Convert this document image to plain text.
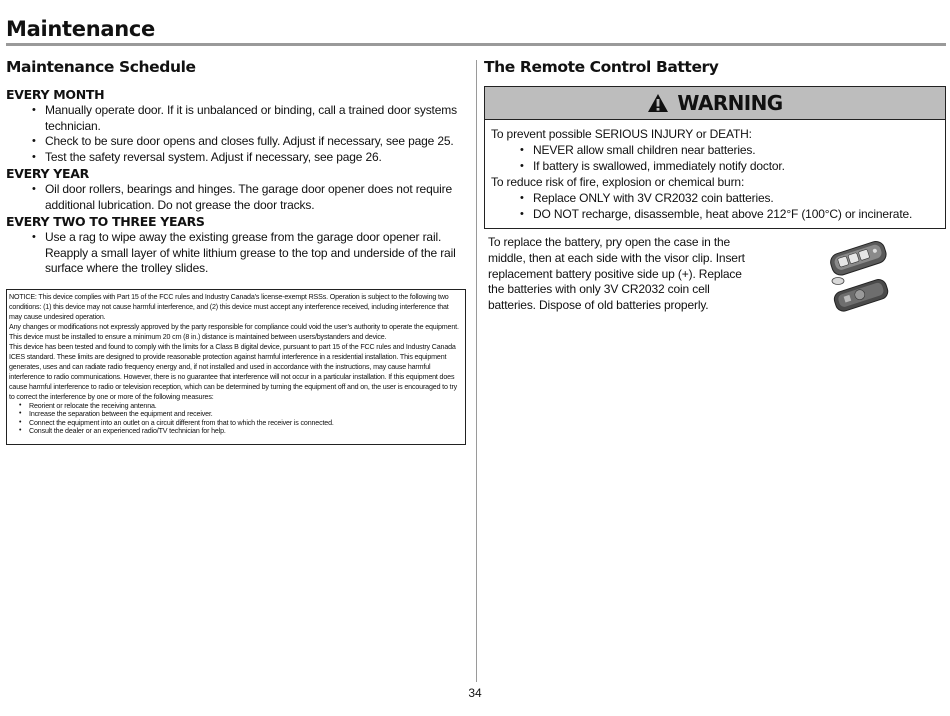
Maintenance
Maintenance Schedule
EVERY MONTH
• Manually operate door. If it is unbalanced or binding, call a trained door systems technician.
• Check to be sure door opens and closes fully. Adjust if necessary, see page 25.
• Test the safety reversal system. Adjust if necessary, see page 26.
EVERY YEAR
• Oil door rollers, bearings and hinges. The garage door opener does not require additional lubrication. Do not grease the door tracks.
EVERY TWO TO THREE YEARS
• Use a rag to wipe away the existing grease from the garage door opener rail. Reapply a small layer of white lithium grease to the top and underside of the rail surface where the trolley slides.

NOTICE: This device complies with Part 15 of the FCC rules and Industry Canada’s license-exempt RSSs. Operation is subject to the following two conditions: (1) this device may not cause harmful interference, and (2) this device must accept any interference received, including interference that may cause undesired operation.

Any changes or modifications not expressly approved by the party responsible for compliance could void the user’s authority to operate the equipment.

This device must be installed to ensure a minimum 20 cm (8 in.) distance is maintained between users/bystanders and device.

This device has been tested and found to comply with the limits for a Class B digital device, pursuant to part 15 of the FCC rules and Industry Canada ICES standard. These limits are designed to provide reasonable protection against harmful interference in a residential installation. This equipment generates, uses and can radiate radio frequency energy and, if not installed and used in accordance with the instructions, may cause harmful interference to radio communications. However, there is no guarantee that interference will not occur in a particular installation. If this equipment does cause harmful interference to radio or television reception, which can be determined by turning the equipment off and on, the user is encouraged to try to correct the interference by one or more of the following measures:

• Reorient or relocate the receiving antenna.
• Increase the separation between the equipment and receiver.
• Connect the equipment into an outlet on a circuit different from that to which the receiver is connected.
• Consult the dealer or an experienced radio/TV technician for help.
The Remote Control Battery
WARNING

To prevent possible SERIOUS INJURY or DEATH:

• NEVER allow small children near batteries.
• If battery is swallowed, immediately notify doctor.

To reduce risk of fire, explosion or chemical burn:

• Replace ONLY with 3V CR2032 coin batteries.
• DO NOT recharge, disassemble, heat above 212°F (100°C) or incinerate.

To replace the battery, pry open the case in the middle, then at each side with the visor clip. Insert replacement battery positive side up (+). Replace the batteries with only 3V CR2032 coin cell batteries. Dispose of old batteries properly.

34
